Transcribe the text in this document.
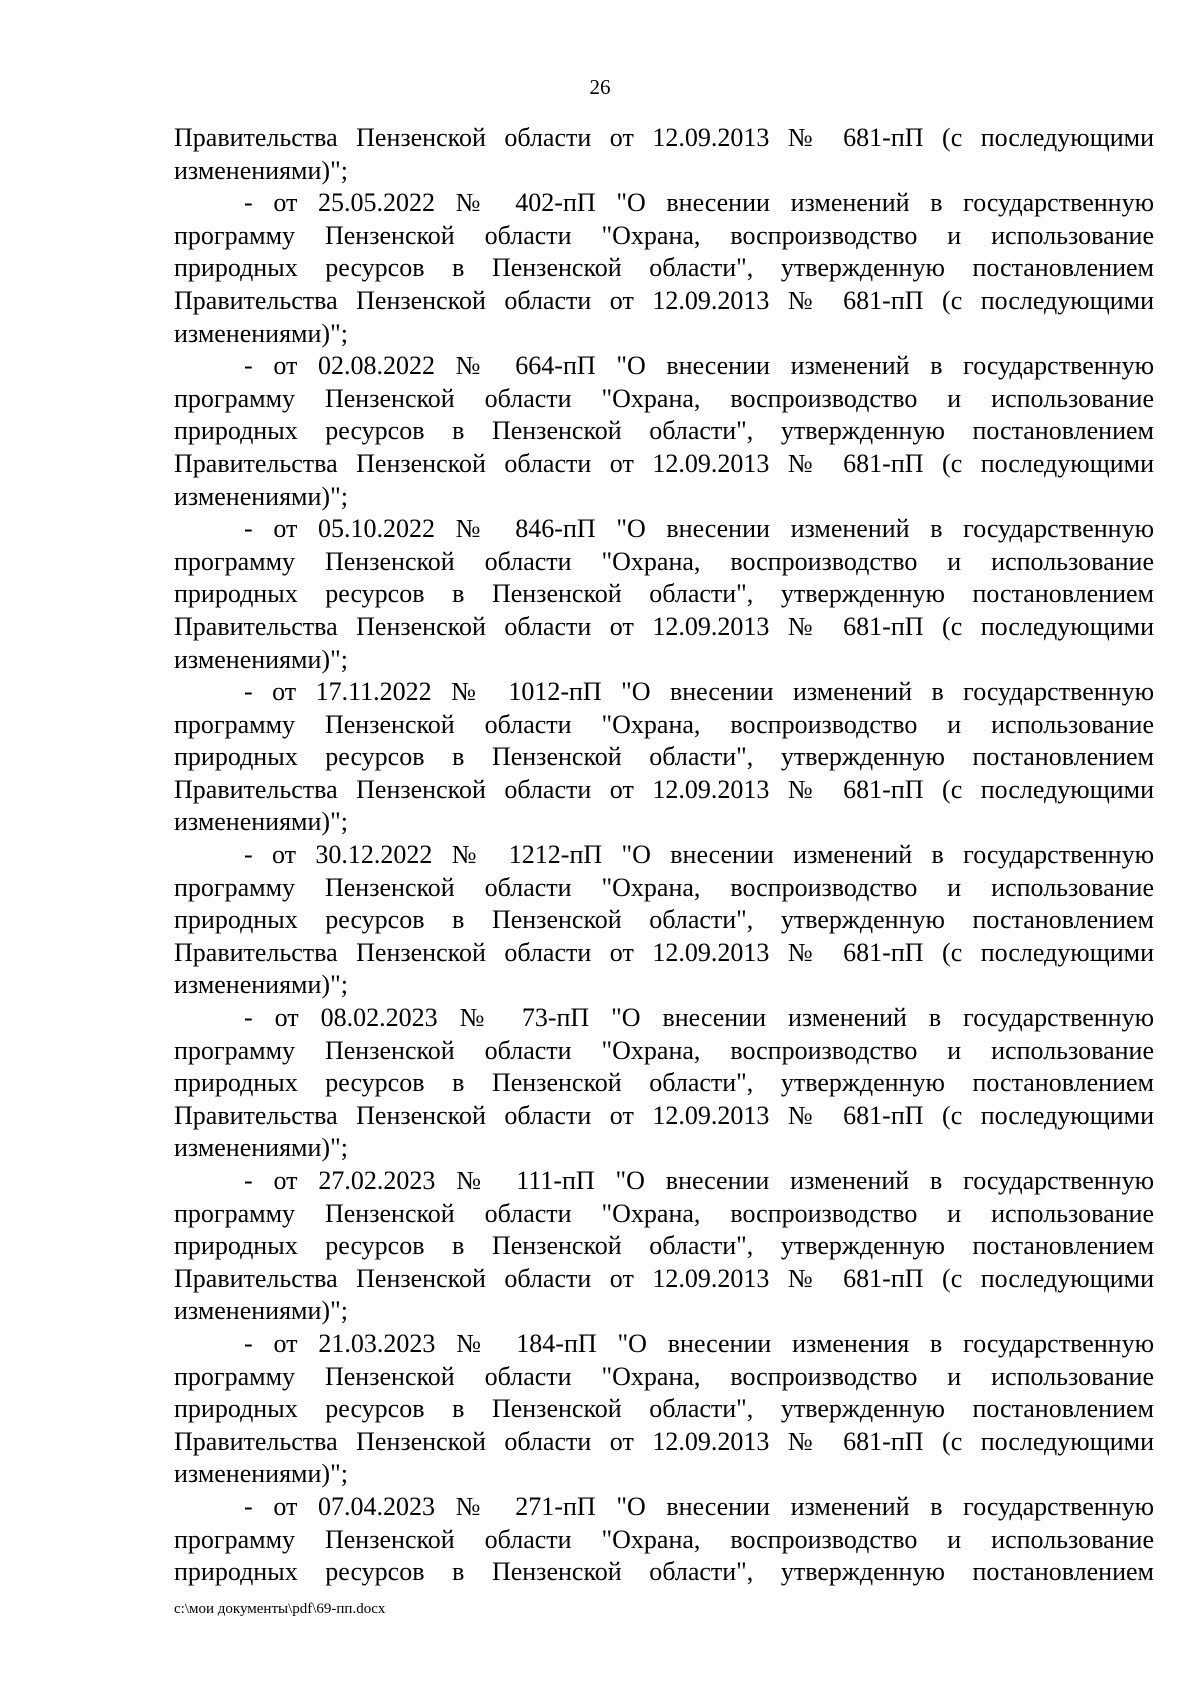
26
Правительства Пензенской области от 12.09.2013 № 681-пП (с последующими
изменениями)";
- от 25.05.2022 № 402-пП "О внесении изменений в государственную
программу Пензенской области "Охрана, воспроизводство и использование
природных ресурсов в Пензенской области", утвержденную постановлением
Правительства Пензенской области от 12.09.2013 № 681-пП (с последующими
изменениями)";
- от 02.08.2022 № 664-пП "О внесении изменений в государственную
программу Пензенской области "Охрана, воспроизводство и использование
природных ресурсов в Пензенской области", утвержденную постановлением
Правительства Пензенской области от 12.09.2013 № 681-пП (с последующими
изменениями)";
- от 05.10.2022 № 846-пП "О внесении изменений в государственную
программу Пензенской области "Охрана, воспроизводство и использование
природных ресурсов в Пензенской области", утвержденную постановлением
Правительства Пензенской области от 12.09.2013 № 681-пП (с последующими
изменениями)";
- от 17.11.2022 № 1012-пП "О внесении изменений в государственную
программу Пензенской области "Охрана, воспроизводство и использование
природных ресурсов в Пензенской области", утвержденную постановлением
Правительства Пензенской области от 12.09.2013 № 681-пП (с последующими
изменениями)";
- от 30.12.2022 № 1212-пП "О внесении изменений в государственную
программу Пензенской области "Охрана, воспроизводство и использование
природных ресурсов в Пензенской области", утвержденную постановлением
Правительства Пензенской области от 12.09.2013 № 681-пП (с последующими
изменениями)";
- от 08.02.2023 № 73-пП "О внесении изменений в государственную
программу Пензенской области "Охрана, воспроизводство и использование
природных ресурсов в Пензенской области", утвержденную постановлением
Правительства Пензенской области от 12.09.2013 № 681-пП (с последующими
изменениями)";
- от 27.02.2023 № 111-пП "О внесении изменений в государственную
программу Пензенской области "Охрана, воспроизводство и использование
природных ресурсов в Пензенской области", утвержденную постановлением
Правительства Пензенской области от 12.09.2013 № 681-пП (с последующими
изменениями)";
- от 21.03.2023 № 184-пП "О внесении изменения в государственную
программу Пензенской области "Охрана, воспроизводство и использование
природных ресурсов в Пензенской области", утвержденную постановлением
Правительства Пензенской области от 12.09.2013 № 681-пП (с последующими
изменениями)";
- от 07.04.2023 № 271-пП "О внесении изменений в государственную
программу Пензенской области "Охрана, воспроизводство и использование
природных ресурсов в Пензенской области", утвержденную постановлением
c:\мои документы\pdf\69-пп.docx
